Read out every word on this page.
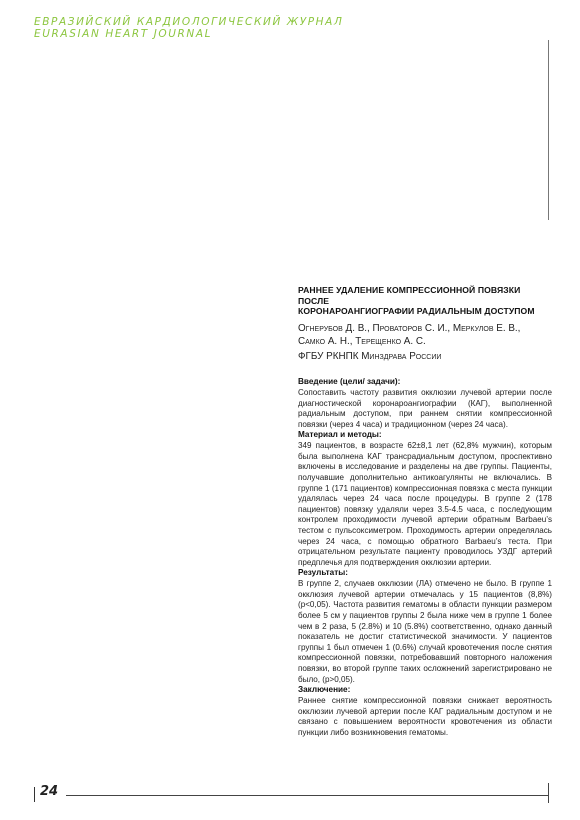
ЕВРАЗИЙСКИЙ КАРДИОЛОГИЧЕСКИЙ ЖУРНАЛ
EURASIAN HEART JOURNAL

РАННЕЕ УДАЛЕНИЕ КОМПРЕССИОННОЙ ПОВЯЗКИ ПОСЛЕ
КОРОНАРОАНГИОГРАФИИ РАДИАЛЬНЫМ ДОСТУПОМ

Огнерубов Д. В., Проваторов С. И., Меркулов Е. В.,
Самко А. Н., Терещенко А. С.

ФГБУ РКНПК Минздрава России

Введение (цели/ задачи):
Сопоставить частоту развития окклюзии лучевой артерии после диагностической коронароангиографии (КАГ), выполненной радиальным доступом, при раннем снятии компрессионной повязки (через 4 часа) и традиционном (через 24 часа).
Материал и методы:
349 пациентов, в возрасте 62±8,1 лет (62,8% мужчин), которым была выполнена КАГ трансрадиальным доступом, проспективно включены в исследование и разделены на две группы. Пациенты, получавшие дополнительно антикоагулянты не включались. В группе 1 (171 пациентов) компрессионная повязка с места пункции удалялась через 24 часа после процедуры. В группе 2 (178 пациентов) повязку удаляли через 3.5-4.5 часа, с последующим контролем проходимости лучевой артерии обратным Barbaeu’s тестом с пульсоксиметром. Проходимость артерии определялась через 24 часа, с помощью обратного Barbaeu’s теста. При отрицательном результате пациенту проводилось УЗДГ артерий предплечья для подтверждения окклюзии артерии.
Результаты:
В группе 2, случаев окклюзии (ЛА) отмечено не было. В группе 1 окклюзия лучевой артерии отмечалась у 15 пациентов (8,8%) (p<0,05). Частота развития гематомы в области пункции размером более 5 см у пациентов группы 2 была ниже чем в группе 1 более чем в 2 раза, 5 (2.8%) и 10 (5.8%) соответственно, однако данный показатель не достиг статистической значимости. У пациентов группы 1 был отмечен 1 (0.6%) случай кровотечения после снятия компрессионной повязки, потребовавший повторного наложения повязки, во второй группе таких осложнений зарегистрировано не было, (p>0,05).
Заключение:
Раннее снятие компрессионной повязки снижает вероятность окклюзии лучевой артерии после КАГ радиальным доступом и не связано с повышением вероятности кровотечения из области пункции либо возникновения гематомы.
24
